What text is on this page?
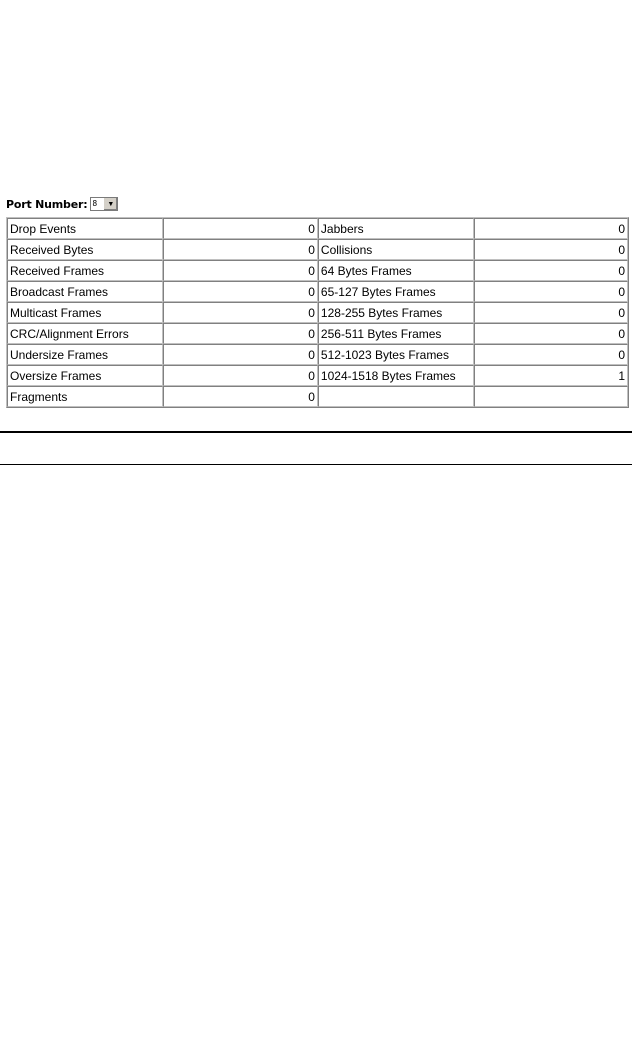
Port Number: 8	▼
Drop Events	0	Jabbers	0
Received Bytes	0	Collisions	0
Received Frames	0	64 Bytes Frames	0
Broadcast Frames	0	65-127 Bytes Frames	0
Multicast Frames	0	128-255 Bytes Frames	0
CRC/Alignment Errors	0	256-511 Bytes Frames	0
Undersize Frames	0	512-1023 Bytes Frames	0
Oversize Frames	0	1024-1518 Bytes Frames	1
Fragments	0		
